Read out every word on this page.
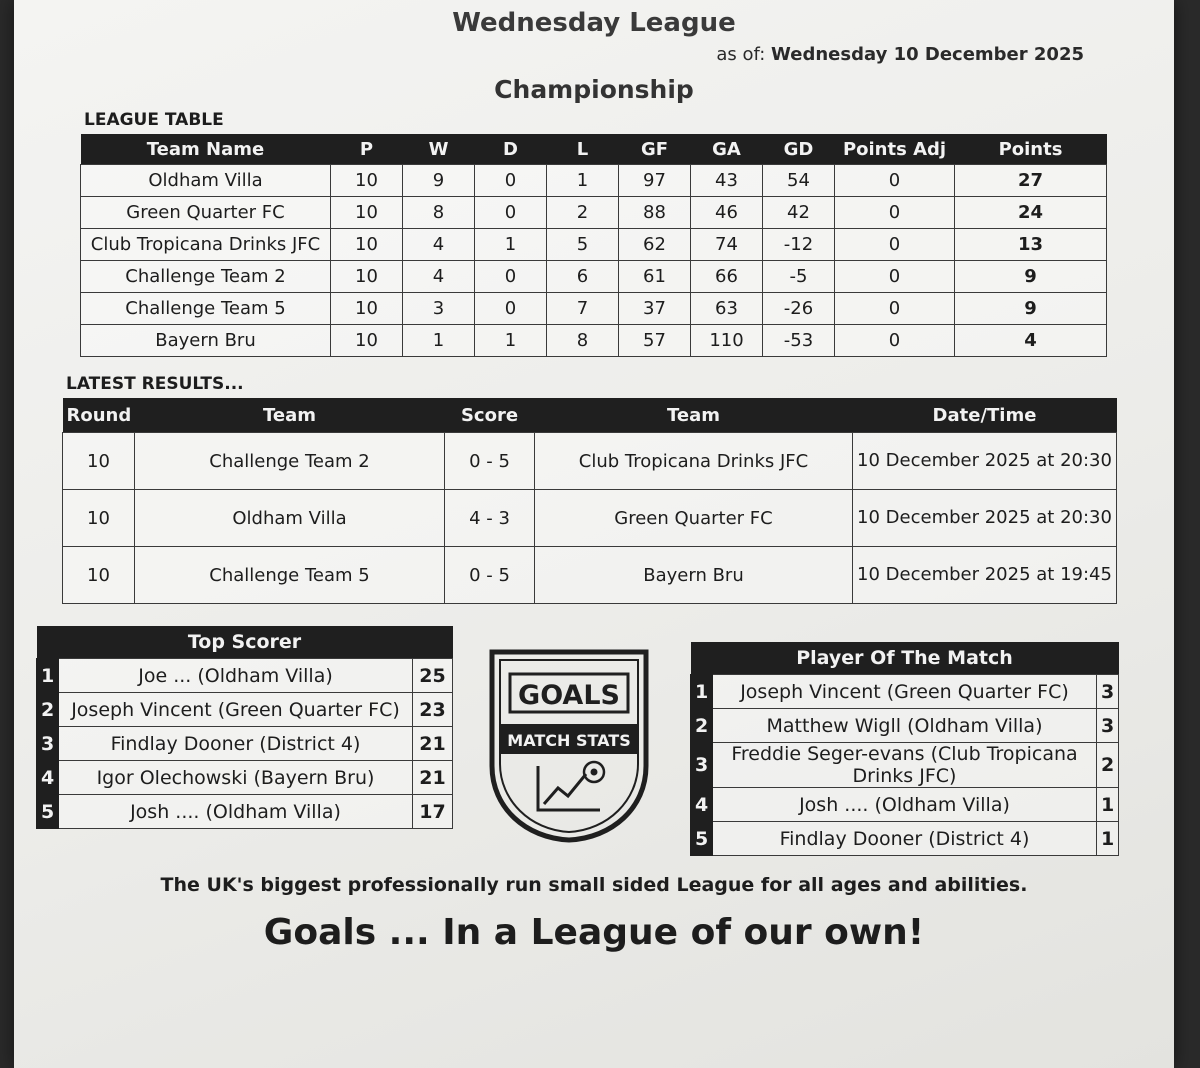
Wednesday League
as of: Wednesday 10 December 2025
Championship
LEAGUE TABLE
Team Name	P	W	D	L	GF	GA	GD	Points Adj	Points
Oldham Villa	10	9	0	1	97	43	54	0	27
Green Quarter FC	10	8	0	2	88	46	42	0	24
Club Tropicana Drinks JFC	10	4	1	5	62	74	-12	0	13
Challenge Team 2	10	4	0	6	61	66	-5	0	9
Challenge Team 5	10	3	0	7	37	63	-26	0	9
Bayern Bru	10	1	1	8	57	110	-53	0	4
LATEST RESULTS...
Round	Team	Score	Team	Date/Time
10	Challenge Team 2	0 - 5	Club Tropicana Drinks JFC	10 December 2025 at 20:30
10	Oldham Villa	4 - 3	Green Quarter FC	10 December 2025 at 20:30
10	Challenge Team 5	0 - 5	Bayern Bru	10 December 2025 at 19:45
Top Scorer		
1	Joe ... (Oldham Villa)	25
2	Joseph Vincent (Green Quarter FC)	23
3	Findlay Dooner (District 4)	21
4	Igor Olechowski (Bayern Bru)	21
5	Josh .... (Oldham Villa)	17
GOALS
MATCH STATS
Player Of The Match		
1	Joseph Vincent (Green Quarter FC)	3
2	Matthew Wigll (Oldham Villa)	3
3	Freddie Seger-evans (Club Tropicana Drinks JFC)	2
4	Josh .... (Oldham Villa)	1
5	Findlay Dooner (District 4)	1
The UK's biggest professionally run small sided League for all ages and abilities.
Goals ... In a League of our own!
